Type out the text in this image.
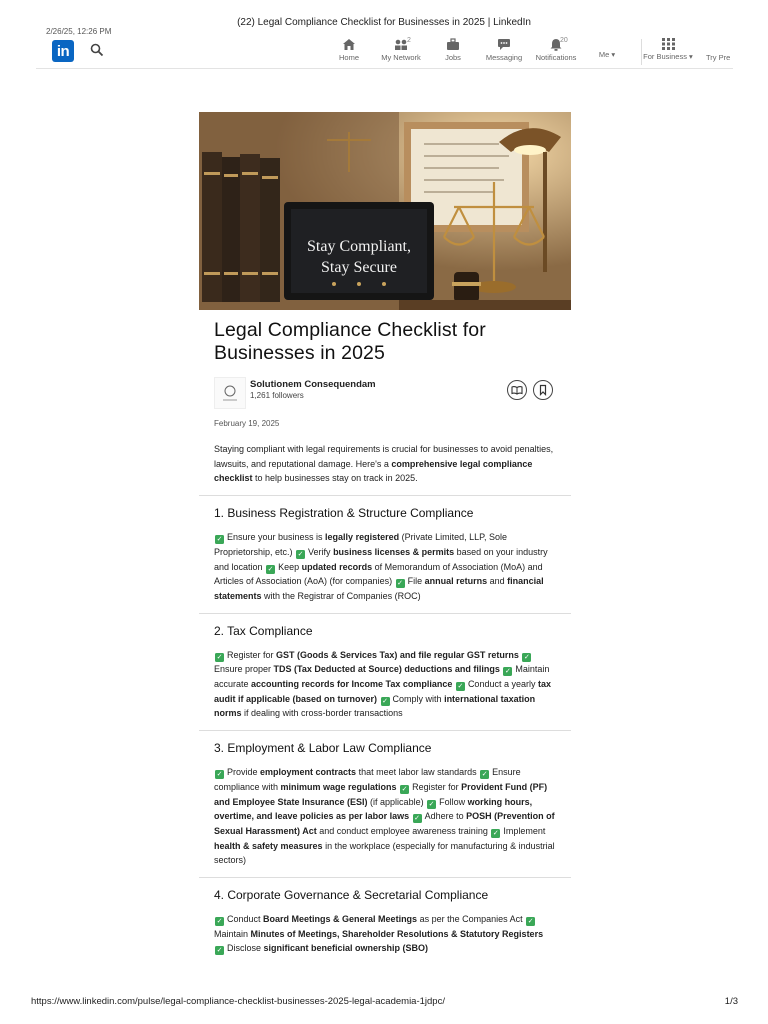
2/26/25, 12:26 PM
(22) Legal Compliance Checklist for Businesses in 2025 | LinkedIn
in	Home
2
My Network	Jobs	Messaging
20
Notifications	Me ▾	For Business ▾ Try Pre
Stay Compliant,
Stay Secure
Legal Compliance Checklist for Businesses in 2025
Solutionem Consequendam
1,261 followers
February 19, 2025
Staying compliant with legal requirements is crucial for businesses to avoid penalties, lawsuits, and reputational damage. Here's a comprehensive legal compliance checklist to help businesses stay on track in 2025.
1. Business Registration & Structure Compliance
✓ Ensure your business is legally registered (Private Limited, LLP, Sole Proprietorship, etc.) ✓ Verify business licenses & permits based on your industry and location ✓ Keep updated records of Memorandum of Association (MoA) and Articles of Association (AoA) (for companies) ✓ File annual returns and financial statements with the Registrar of Companies (ROC)
2. Tax Compliance
✓ Register for GST (Goods & Services Tax) and file regular GST returns ✓Ensure proper TDS (Tax Deducted at Source) deductions and filings ✓ Maintain accurate accounting records for Income Tax compliance ✓ Conduct a yearly tax audit if applicable (based on turnover) ✓ Comply with international taxation norms if dealing with cross-border transactions
3. Employment & Labor Law Compliance
✓ Provide employment contracts that meet labor law standards ✓ Ensure compliance with minimum wage regulations ✓ Register for Provident Fund (PF) and Employee State Insurance (ESI) (if applicable) ✓ Follow working hours, overtime, and leave policies as per labor laws ✓ Adhere to POSH (Prevention of Sexual Harassment) Act and conduct employee awareness training ✓ Implement health & safety measures in the workplace (especially for manufacturing & industrial sectors)
4. Corporate Governance & Secretarial Compliance
✓ Conduct Board Meetings & General Meetings as per the Companies Act ✓Maintain Minutes of Meetings, Shareholder Resolutions & Statutory Registers ✓ Disclose significant beneficial ownership (SBO)
https://www.linkedin.com/pulse/legal-compliance-checklist-businesses-2025-legal-academia-1jdpc/	1/3
